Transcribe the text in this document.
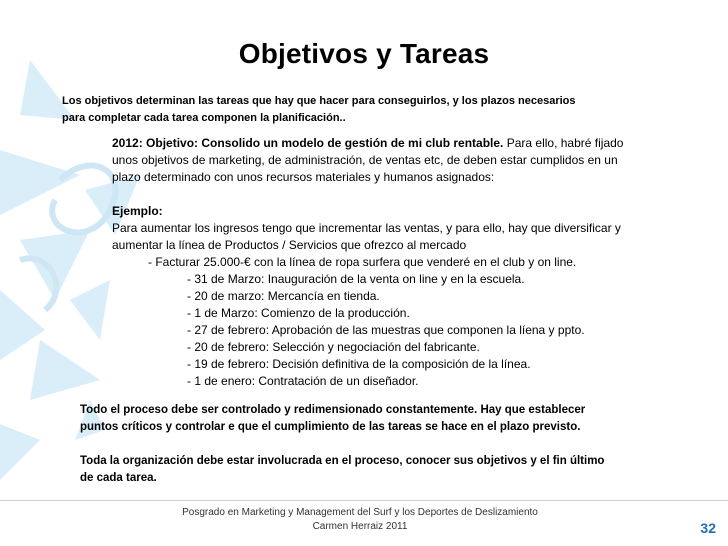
Objetivos y Tareas
Los objetivos determinan las tareas que hay que hacer para conseguirlos, y los plazos necesarios
para completar cada tarea componen la planificación..

2012: Objetivo: Consolido un modelo de gestión de mi club rentable. Para ello, habré fijado

unos objetivos de marketing, de administración, de ventas etc, de deben estar cumplidos en un

plazo determinado con unos recursos materiales y humanos asignados:

Ejemplo:

Para aumentar los ingresos tengo que incrementar las ventas, y para ello, hay que diversificar y

aumentar la línea de Productos / Servicios que ofrezco al mercado

- Facturar 25.000-€ con la línea de ropa surfera que venderé en el club y on line.

- 31 de Marzo: Inauguración de la venta on line y en la escuela.

- 20 de marzo: Mercancía en tienda.

- 1 de Marzo: Comienzo de la producción.

- 27 de febrero: Aprobación de las muestras que componen la líena y ppto.

- 20 de febrero: Selección y negociación del fabricante.

- 19 de febrero: Decisión definitiva de la composición de la línea.

- 1 de enero: Contratación de un diseñador.

Todo el proceso debe ser controlado y redimensionado constantemente. Hay que establecer

puntos críticos y controlar e que el cumplimiento de las tareas se hace en el plazo previsto.

Toda la organización debe estar involucrada en el proceso, conocer sus objetivos y el fin último

de cada tarea.

Posgrado en Marketing y Management del Surf y los Deportes de Deslizamiento
Carmen Herraiz 2011	32
